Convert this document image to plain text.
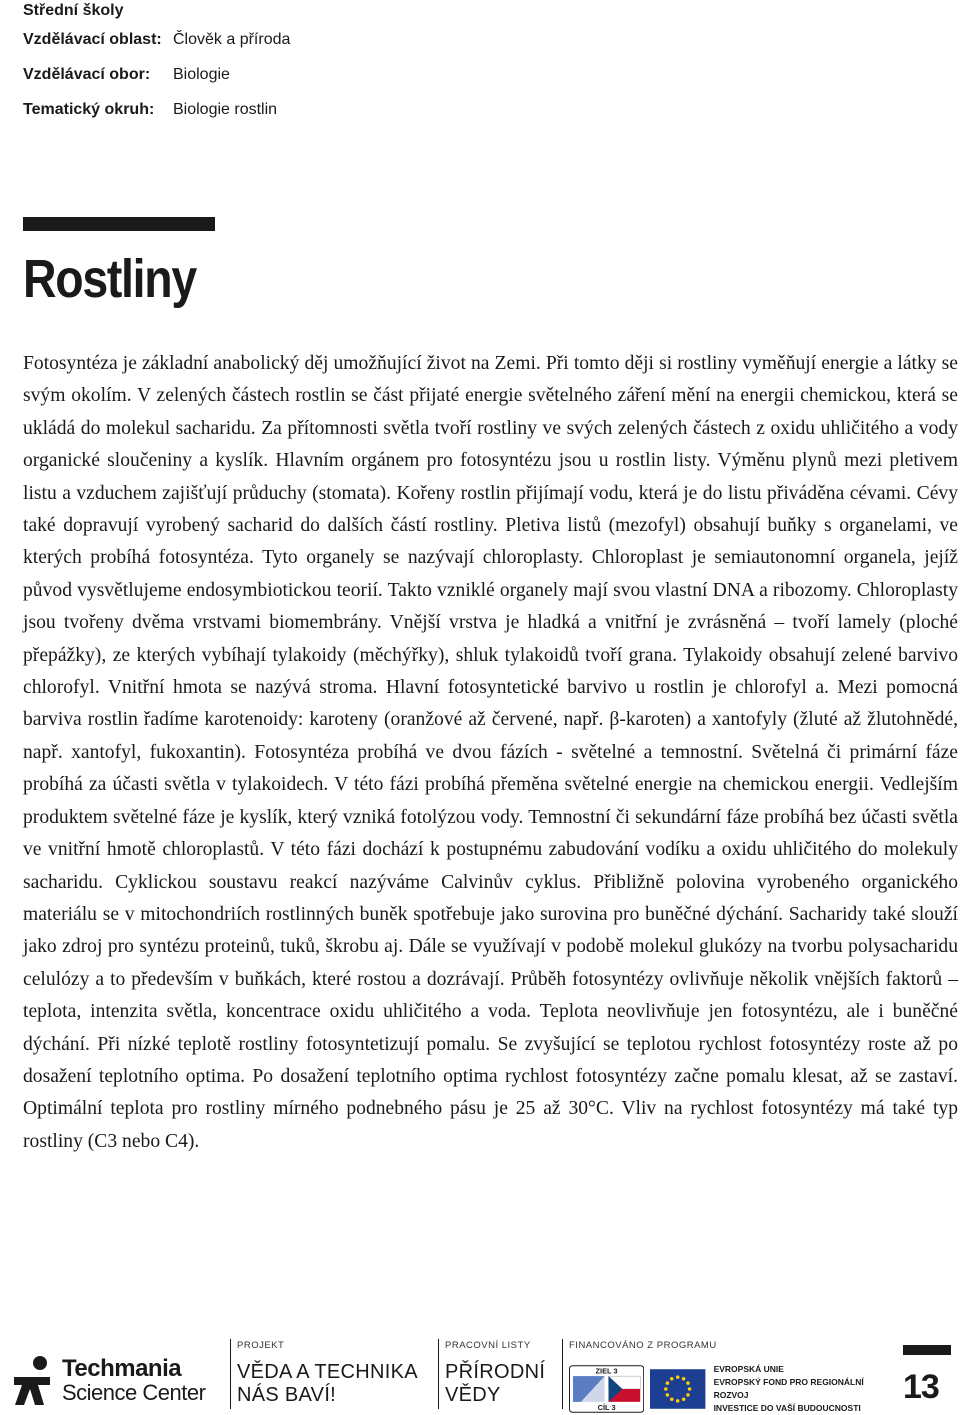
Střední školy
Vzdělávací oblast: Člověk a příroda
Vzdělávací obor:	Biologie
Tematický okruh:	Biologie rostlin
Rostliny

Fotosyntéza je základní anabolický děj umožňující život na Zemi. Při tomto ději si rostliny vyměňují energie a látky se svým okolím. V zelených částech rostlin se část přijaté energie světelného záření mění na energii chemickou, která se ukládá do molekul sacharidu. Za přítomnosti světla tvoří rostliny ve svých zelených částech z oxidu uhličitého a vody organické sloučeniny a kyslík. Hlavním orgánem pro fotosyntézu jsou u rostlin listy. Výměnu plynů mezi pletivem listu a vzduchem zajišťují průduchy (stomata). Kořeny rostlin přijímají vodu, která je do listu přiváděna cévami. Cévy také dopravují vyrobený sacharid do dalších částí rostliny. Pletiva listů (mezofyl) obsahují buňky s organelami, ve kterých probíhá fotosyntéza. Tyto organely se nazývají chloroplasty. Chloroplast je semiautonomní organela, jejíž původ vysvětlujeme endosymbiotickou teorií. Takto vzniklé organely mají svou vlastní DNA a ribozomy. Chloroplasty jsou tvořeny dvěma vrstvami biomembrány. Vnější vrstva je hladká a vnitřní je zvrásněná – tvoří lamely (ploché přepážky), ze kterých vybíhají tylakoidy (měchýřky), shluk tylakoidů tvoří grana. Tylakoidy obsahují zelené barvivo chlorofyl. Vnitřní hmota se nazývá stroma. Hlavní fotosyntetické barvivo u rostlin je chlorofyl a. Mezi pomocná barviva rostlin řadíme karotenoidy: karoteny (oranžové až červené, např. β-karoten) a xantofyly (žluté až žlutohnědé, např. xantofyl, fukoxantin). Fotosyntéza probíhá ve dvou fázích - světelné a temnostní. Světelná či primární fáze probíhá za účasti světla v tylakoidech. V této fázi probíhá přeměna světelné energie na chemickou energii. Vedlejším produktem světelné fáze je kyslík, který vzniká fotolýzou vody. Temnostní či sekundární fáze probíhá bez účasti světla ve vnitřní hmotě chloroplastů. V této fázi dochází k postupnému zabudování vodíku a oxidu uhličitého do molekuly sacharidu. Cyklickou soustavu reakcí nazýváme Calvinův cyklus. Přibližně polovina vyrobeného organického materiálu se v mitochondriích rostlinných buněk spotřebuje jako surovina pro buněčné dýchání. Sacharidy také slouží jako zdroj pro syntézu proteinů, tuků, škrobu aj. Dále se využívají v podobě molekul glukózy na tvorbu polysacharidu celulózy a to především v buňkách, které rostou a dozrávají. Průběh fotosyntézy ovlivňuje několik vnějších faktorů – teplota, intenzita světla, koncentrace oxidu uhličitého a voda. Teplota neovlivňuje jen fotosyntézu, ale i buněčné dýchání. Při nízké teplotě rostliny fotosyntetizují pomalu. Se zvyšující se teplotou rychlost fotosyntézy roste až po dosažení teplotního optima. Po dosažení teplotního optima rychlost fotosyntézy začne pomalu klesat, až se zastaví. Optimální teplota pro rostliny mírného podnebného pásu je 25 až 30°C. Vliv na rychlost fotosyntézy má také typ rostliny (C3 nebo C4).

Techmania
Science Center
PROJEKT
VĚDA A TECHNIKA
NÁS BAVÍ!
PRACOVNÍ LISTY
PŘÍRODNÍ
VĚDY
FINANCOVÁNO Z PROGRAMU
ZIEL 3
CÍL 3
EVROPSKÁ UNIE
EVROPSKÝ FOND PRO REGIONÁLNÍ ROZVOJ
INVESTICE DO VAŠÍ BUDOUCNOSTI
13
